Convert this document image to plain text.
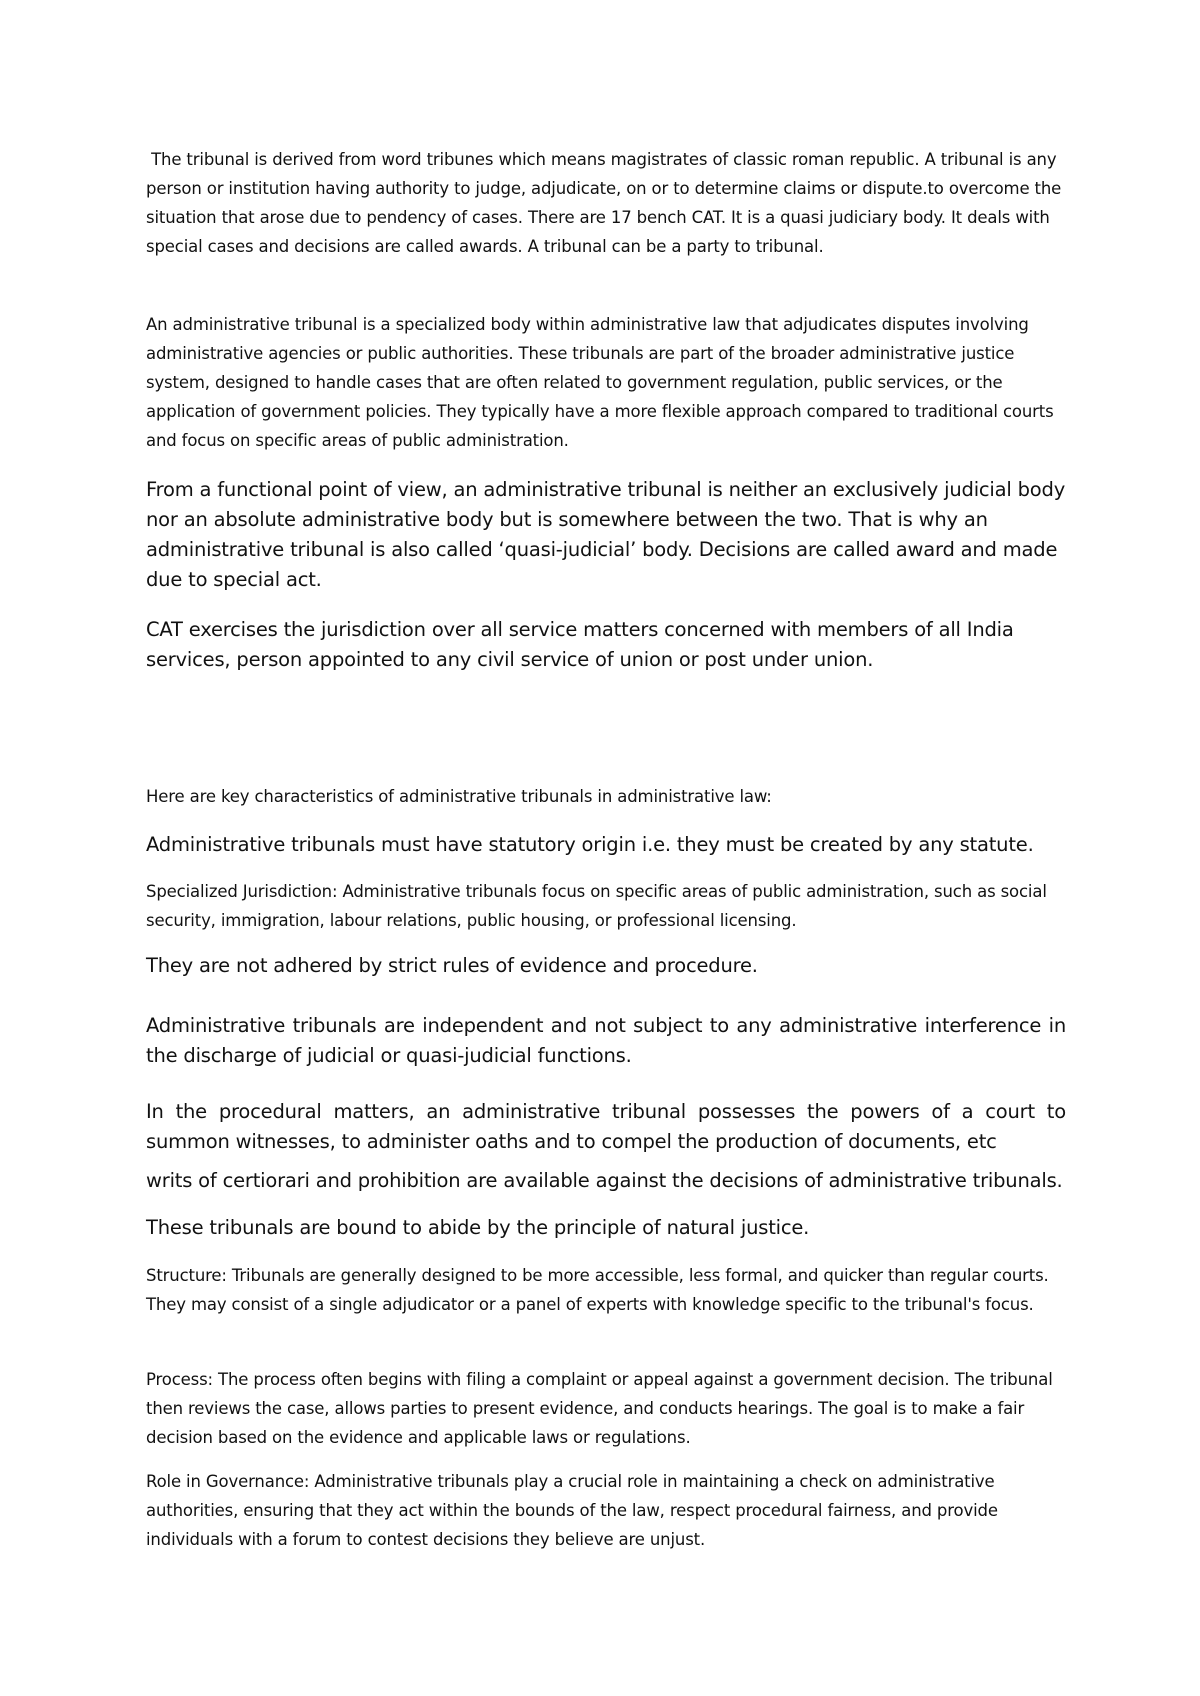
The tribunal is derived from word tribunes which means magistrates of classic roman republic. A tribunal is any person or institution having authority to judge, adjudicate, on or to determine claims or dispute.to overcome the situation that arose due to pendency of cases. There are 17 bench CAT. It is a quasi judiciary body. It deals with special cases and decisions are called awards. A tribunal can be a party to tribunal.

An administrative tribunal is a specialized body within administrative law that adjudicates disputes involving administrative agencies or public authorities. These tribunals are part of the broader administrative justice system, designed to handle cases that are often related to government regulation, public services, or the application of government policies. They typically have a more flexible approach compared to traditional courts and focus on specific areas of public administration.

From a functional point of view, an administrative tribunal is neither an exclusively judicial body nor an absolute administrative body but is somewhere between the two. That is why an administrative tribunal is also called ‘quasi-judicial’ body. Decisions are called award and made due to special act.

CAT exercises the jurisdiction over all service matters concerned with members of all India services, person appointed to any civil service of union or post under union.

Here are key characteristics of administrative tribunals in administrative law:

Administrative tribunals must have statutory origin i.e. they must be created by any statute.

Specialized Jurisdiction: Administrative tribunals focus on specific areas of public administration, such as social security, immigration, labour relations, public housing, or professional licensing.

They are not adhered by strict rules of evidence and procedure.

Administrative tribunals are independent and not subject to any administrative interference in the discharge of judicial or quasi-judicial functions.

In the procedural matters, an administrative tribunal possesses the powers of a court to summon witnesses, to administer oaths and to compel the production of documents, etc

writs of certiorari and prohibition are available against the decisions of administrative tribunals.

These tribunals are bound to abide by the principle of natural justice.

Structure: Tribunals are generally designed to be more accessible, less formal, and quicker than regular courts. They may consist of a single adjudicator or a panel of experts with knowledge specific to the tribunal's focus.

Process: The process often begins with filing a complaint or appeal against a government decision. The tribunal then reviews the case, allows parties to present evidence, and conducts hearings. The goal is to make a fair decision based on the evidence and applicable laws or regulations.

Role in Governance: Administrative tribunals play a crucial role in maintaining a check on administrative authorities, ensuring that they act within the bounds of the law, respect procedural fairness, and provide individuals with a forum to contest decisions they believe are unjust.
